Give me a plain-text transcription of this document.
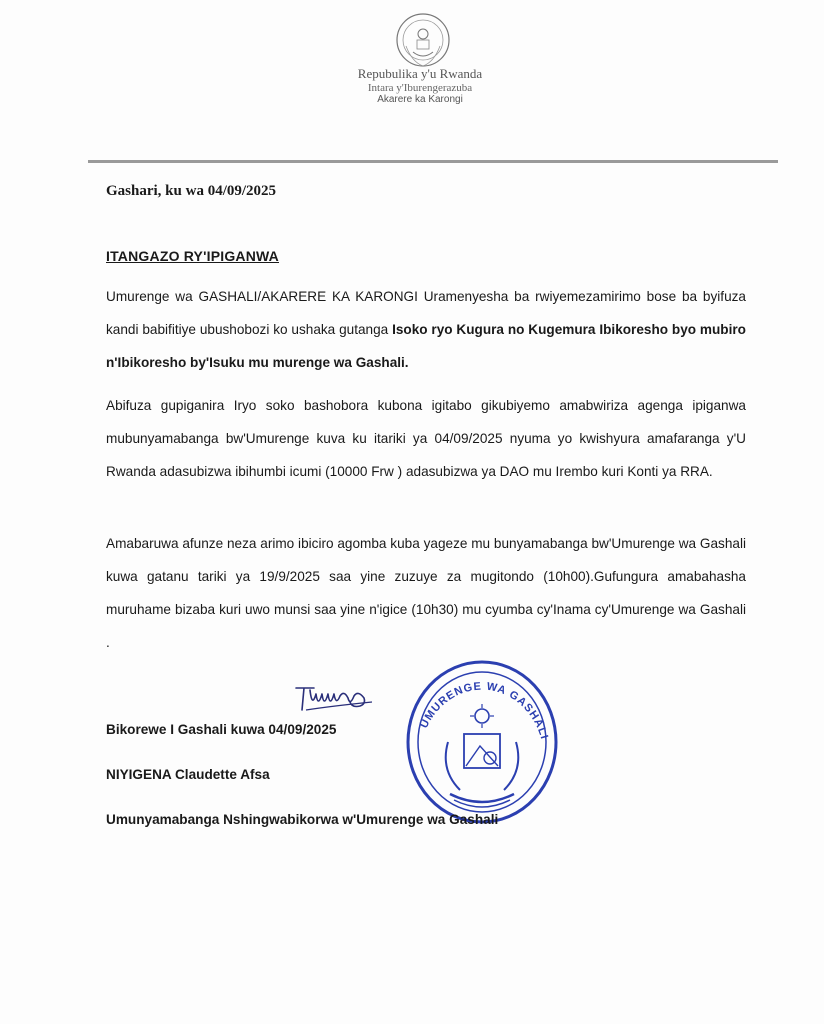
Repubulika y'u Rwanda
Intara y'Iburengerazuba
Akarere ka Karongi
Gashari, ku wa 04/09/2025
ITANGAZO RY'IPIGANWA
Umurenge wa GASHALI/AKARERE KA KARONGI Uramenyesha ba rwiyemezamirimo bose ba byifuza kandi babifitiye ubushobozi ko ushaka gutanga Isoko ryo Kugura no Kugemura Ibikoresho byo mubiro n'Ibikoresho by'Isuku mu murenge wa Gashali.
Abifuza gupiganira Iryo soko bashobora kubona igitabo gikubiyemo amabwiriza agenga ipiganwa mubunyamabanga bw'Umurenge kuva ku itariki ya 04/09/2025 nyuma yo kwishyura amafaranga y'U Rwanda adasubizwa ibihumbi icumi (10000 Frw ) adasubizwa ya DAO mu Irembo kuri Konti ya RRA.
Amabaruwa afunze neza arimo ibiciro agomba kuba yageze mu bunyamabanga bw'Umurenge wa Gashali kuwa gatanu tariki ya 19/9/2025 saa yine zuzuye za mugitondo (10h00).Gufungura amabahasha muruhame bizaba kuri uwo munsi saa yine n'igice (10h30) mu cyumba cy'Inama cy'Umurenge wa Gashali .
UMURENGE WA GASHALI
Bikorewe I Gashali kuwa 04/09/2025
NIYIGENA Claudette Afsa
Umunyamabanga Nshingwabikorwa w'Umurenge wa Gashali
